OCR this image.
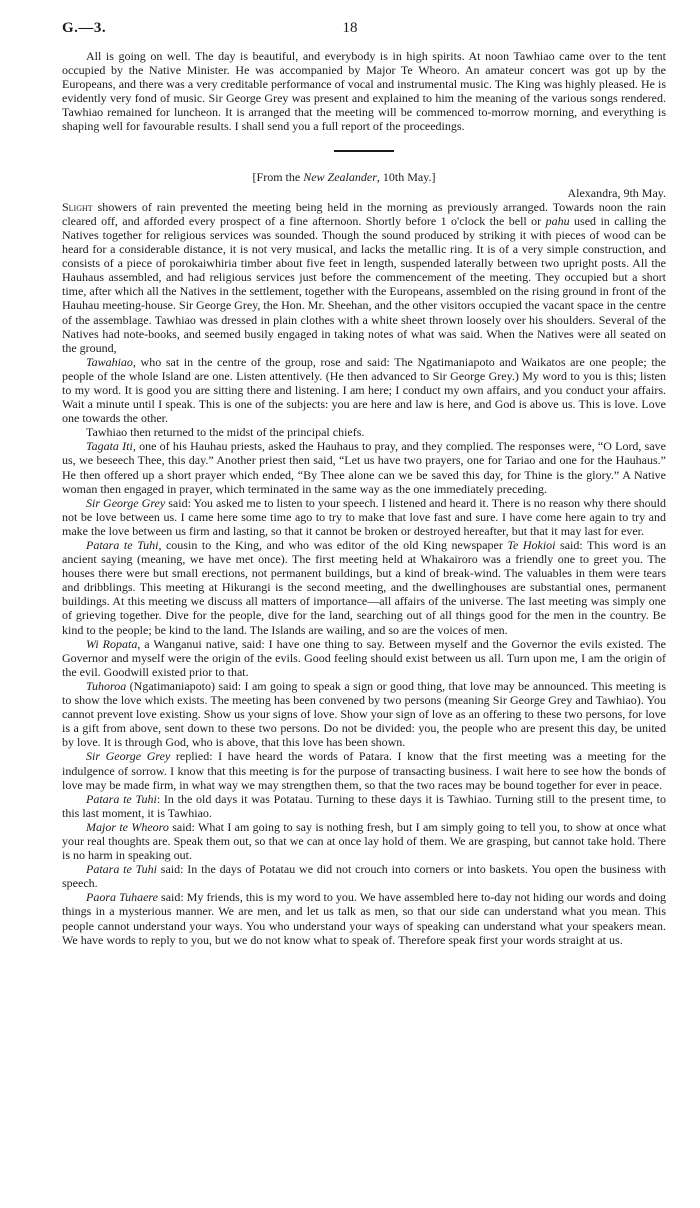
G.—3.	18

All is going on well. The day is beautiful, and everybody is in high spirits. At noon Tawhiao came over to the tent occupied by the Native Minister. He was accompanied by Major Te Wheoro. An amateur concert was got up by the Europeans, and there was a very creditable performance of vocal and instrumental music. The King was highly pleased. He is evidently very fond of music. Sir George Grey was present and explained to him the meaning of the various songs rendered. Tawhiao remained for luncheon. It is arranged that the meeting will be commenced to-morrow morning, and everything is shaping well for favourable results. I shall send you a full report of the proceedings.

[From the New Zealander, 10th May.]

Alexandra, 9th May.

Slight showers of rain prevented the meeting being held in the morning as previously arranged. Towards noon the rain cleared off, and afforded every prospect of a fine afternoon. Shortly before 1 o'clock the bell or pahu used in calling the Natives together for religious services was sounded. Though the sound produced by striking it with pieces of wood can be heard for a considerable distance, it is not very musical, and lacks the metallic ring. It is of a very simple construction, and consists of a piece of porokaiwhiria timber about five feet in length, suspended laterally between two upright posts. All the Hauhaus assembled, and had religious services just before the commencement of the meeting. They occupied but a short time, after which all the Natives in the settlement, together with the Europeans, assembled on the rising ground in front of the Hauhau meeting-house. Sir George Grey, the Hon. Mr. Sheehan, and the other visitors occupied the vacant space in the centre of the assemblage. Tawhiao was dressed in plain clothes with a white sheet thrown loosely over his shoulders. Several of the Natives had note-books, and seemed busily engaged in taking notes of what was said. When the Natives were all seated on the ground,

Tawahiao, who sat in the centre of the group, rose and said: The Ngatimaniapoto and Waikatos are one people; the people of the whole Island are one. Listen attentively. (He then advanced to Sir George Grey.) My word to you is this; listen to my word. It is good you are sitting there and listening. I am here; I conduct my own affairs, and you conduct your affairs. Wait a minute until I speak. This is one of the subjects: you are here and law is here, and God is above us. This is love. Love one towards the other.

Tawhiao then returned to the midst of the principal chiefs.

Tagata Iti, one of his Hauhau priests, asked the Hauhaus to pray, and they complied. The responses were, “O Lord, save us, we beseech Thee, this day.” Another priest then said, “Let us have two prayers, one for Tariao and one for the Hauhaus.” He then offered up a short prayer which ended, “By Thee alone can we be saved this day, for Thine is the glory.” A Native woman then engaged in prayer, which terminated in the same way as the one immediately preceding.

Sir George Grey said: You asked me to listen to your speech. I listened and heard it. There is no reason why there should not be love between us. I came here some time ago to try to make that love fast and sure. I have come here again to try and make the love between us firm and lasting, so that it cannot be broken or destroyed hereafter, but that it may last for ever.

Patara te Tuhi, cousin to the King, and who was editor of the old King newspaper Te Hokioi said: This word is an ancient saying (meaning, we have met once). The first meeting held at Whakairoro was a friendly one to greet you. The houses there were but small erections, not permanent buildings, but a kind of break-wind. The valuables in them were tears and dribblings. This meeting at Hikurangi is the second meeting, and the dwellinghouses are substantial ones, permanent buildings. At this meeting we discuss all matters of importance—all affairs of the universe. The last meeting was simply one of grieving together. Dive for the people, dive for the land, searching out of all things good for the men in the country. Be kind to the people; be kind to the land. The Islands are wailing, and so are the voices of men.

Wi Ropata, a Wanganui native, said: I have one thing to say. Between myself and the Governor the evils existed. The Governor and myself were the origin of the evils. Good feeling should exist between us all. Turn upon me, I am the origin of the evil. Goodwill existed prior to that.

Tuhoroa (Ngatimaniapoto) said: I am going to speak a sign or good thing, that love may be announced. This meeting is to show the love which exists. The meeting has been convened by two persons (meaning Sir George Grey and Tawhiao). You cannot prevent love existing. Show us your signs of love. Show your sign of love as an offering to these two persons, for love is a gift from above, sent down to these two persons. Do not be divided: you, the people who are present this day, be united by love. It is through God, who is above, that this love has been shown.

Sir George Grey replied: I have heard the words of Patara. I know that the first meeting was a meeting for the indulgence of sorrow. I know that this meeting is for the purpose of transacting business. I wait here to see how the bonds of love may be made firm, in what way we may strengthen them, so that the two races may be bound together for ever in peace.

Patara te Tuhi: In the old days it was Potatau. Turning to these days it is Tawhiao. Turning still to the present time, to this last moment, it is Tawhiao.

Major te Wheoro said: What I am going to say is nothing fresh, but I am simply going to tell you, to show at once what your real thoughts are. Speak them out, so that we can at once lay hold of them. We are grasping, but cannot take hold. There is no harm in speaking out.

Patara te Tuhi said: In the days of Potatau we did not crouch into corners or into baskets. You open the business with speech.

Paora Tuhaere said: My friends, this is my word to you. We have assembled here to-day not hiding our words and doing things in a mysterious manner. We are men, and let us talk as men, so that our side can understand what you mean. This people cannot understand your ways. You who understand your ways of speaking can understand what your speakers mean. We have words to reply to you, but we do not know what to speak of. Therefore speak first your words straight at us.
